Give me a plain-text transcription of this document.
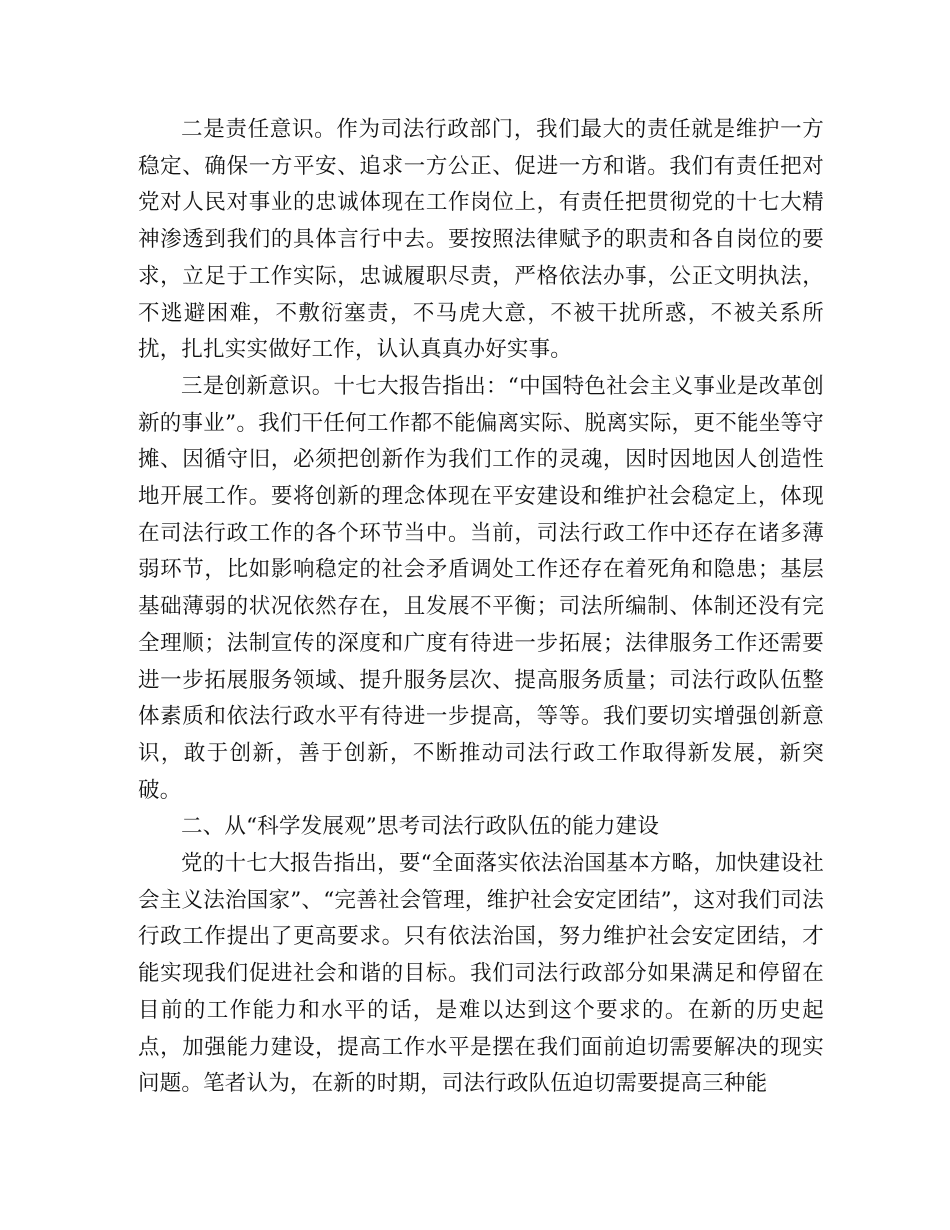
二是责任意识。作为司法行政部门，我们最大的责任就是维护一方稳定、确保一方平安、追求一方公正、促进一方和谐。我们有责任把对党对人民对事业的忠诚体现在工作岗位上，有责任把贯彻党的十七大精神渗透到我们的具体言行中去。要按照法律赋予的职责和各自岗位的要求，立足于工作实际，忠诚履职尽责，严格依法办事，公正文明执法，不逃避困难，不敷衍塞责，不马虎大意，不被干扰所惑，不被关系所扰，扎扎实实做好工作，认认真真办好实事。

三是创新意识。十七大报告指出：“中国特色社会主义事业是改革创新的事业”。我们干任何工作都不能偏离实际、脱离实际，更不能坐等守摊、因循守旧，必须把创新作为我们工作的灵魂，因时因地因人创造性地开展工作。要将创新的理念体现在平安建设和维护社会稳定上，体现在司法行政工作的各个环节当中。当前，司法行政工作中还存在诸多薄弱环节，比如影响稳定的社会矛盾调处工作还存在着死角和隐患；基层基础薄弱的状况依然存在，且发展不平衡；司法所编制、体制还没有完全理顺；法制宣传的深度和广度有待进一步拓展；法律服务工作还需要进一步拓展服务领域、提升服务层次、提高服务质量；司法行政队伍整体素质和依法行政水平有待进一步提高，等等。我们要切实增强创新意识，敢于创新，善于创新，不断推动司法行政工作取得新发展，新突破。

二、从“科学发展观”思考司法行政队伍的能力建设

党的十七大报告指出，要“全面落实依法治国基本方略，加快建设社会主义法治国家”、“完善社会管理，维护社会安定团结”，这对我们司法行政工作提出了更高要求。只有依法治国，努力维护社会安定团结，才能实现我们促进社会和谐的目标。我们司法行政部分如果满足和停留在目前的工作能力和水平的话，是难以达到这个要求的。在新的历史起点，加强能力建设，提高工作水平是摆在我们面前迫切需要解决的现实问题。笔者认为，在新的时期，司法行政队伍迫切需要提高三种能
